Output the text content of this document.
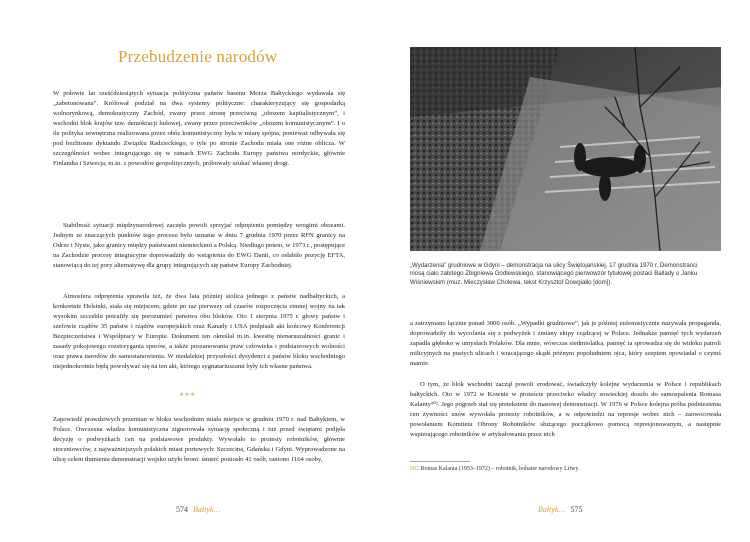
Przebudzenie narodów

W połowie lat sześćdziesiątych sytuacja polityczna państw basenu Morza Bałtyckiego wydawała się „zabetonowana”. Królował podział na dwa systemy polityczne: charakteryzujący się gospodarką wolnorynkową, demokratyczny Zachód, zwany przez stronę przeciwną „obozem kapitalistycznym”, i wschodni blok krajów tzw. demokracji ludowej, zwany przez przeciwników „obozem komunistycznym”. I o ile polityka zewnętrzna realizowana przez obóz komunistyczny była w miarę spójna, ponieważ odbywała się pod bezlitosne dyktando Związku Radzieckiego, o tyle po stronie Zachodu miała one różne oblicza. W szczególności wobec integrującego się w ramach EWG Zachodu Europy państwa nordyckie, głównie Finlandia i Szwecja, m.in. z powodów geopolitycznych, próbowały szukać własnej drogi.

Stabilność sytuacji międzynarodowej zaczęła powoli sprzyjać odprężeniu pomiędzy wrogimi obozami. Jednym ze znaczących punktów tego procesu było uznanie w dniu 7 grudnia 1970 przez RFN granicy na Odrze i Nysie, jako granicy między państwami niemieckimi a Polską. Niedługo potem, w 1973 r., postępujące na Zachodzie procesy integracyjne doprowadziły do wstąpienia do EWG Danii, co osłabiło pozycję EFTA, stanowiącą do tej pory alternatywę dla grupy integrujących się państw Europy Zachodniej.

Atmosfera odprężenia sprawiła też, że dwa lata później stolica jednego z państw nadbałtyckich, a konkretnie Helsinki, stała się miejscem, gdzie po raz pierwszy od czasów rozpoczęcia zimnej wojny na tak wysokim szczeblu potrafiły się porozumieć państwa obu bloków. Oto 1 sierpnia 1975 r. głowy państw i szefowie rządów 35 państw i rządów europejskich oraz Kanady i USA podpisali akt końcowy Konferencji Bezpieczeństwa i Współpracy w Europie. Dokument ten określał m.in. kwestię nienaruszalności granic i zasady pokojowego rozstrzygania sporów, a także poszanowania praw człowieka i podstawowych wolności oraz prawa narodów do samostanowienia. W niedalekiej przyszłości dysydenci z państw bloku wschodniego niejednokrotnie będą powoływać się na ten akt, którego sygnatariuszami były ich własne państwa.

***

Zapowiedź prawdziwych przemian w bloku wschodnim miała miejsce w grudniu 1970 r. nad Bałtykiem, w Polsce. Ówczesna władza komunistyczna zignorowała sytuację społeczną i tuż przed świętami podjęła decyzję o podwyżkach cen na podstawowe produkty. Wywołało to protesty robotników, głównie stoczniowców, z najważniejszych polskich miast portowych: Szczecina, Gdańska i Gdyni. Wyprowadzone na ulicę celem tłumienia demonstracji wojsko użyło broni: śmierć poniosło 41 osób, raniono 1164 osoby,

574 Bałtyk…
„Wydarzenia” grudniowe w Gdyni – demonstracja na ulicy Świętojańskiej, 17 grudnia 1970 r. Demonstranci niosą ciało zabitego Zbigniewa Godlewskiego, stanowiącego pierwowzór tytułowej postaci Ballady o Janku Wiśniewskim (muz. Mieczysław Cholewa, tekst Krzysztof Dowgiałło [dom]).

a zatrzymano łącznie ponad 3000 osób. „Wypadki grudniowe”, jak je później eufemistycznie nazywała propaganda, doprowadziły do wycofania się z podwyżek i zmiany ekipy rządzącej w Polsce. Jednakże pamięć tych wydarzeń zapadła głęboko w umysłach Polaków. Dla mnie, wówczas siedmiolatka, pamięć ta sprowadza się do widoku patroli milicyjnych na pustych ulicach i wracającego skądś późnym popołudniem ojca, który szeptem opowiadał o czymś mamie.

O tym, że blok wschodni zaczął powoli erodować, świadczyły kolejne wydarzenia w Polsce i republikach bałtyckich. Oto w 1972 w Kownie w proteście przeciwko władzy sowieckiej doszło do samospalenia Romasa Kalanty⁹⁰². Jego pogrzeb stał się pretekstem do masowej demonstracji. W 1976 w Polsce kolejna próba podniesienia cen żywności znów wywołała protesty robotników, a w odpowiedzi na represje wobec nich – zaowocowała powołaniem Komitetu Obrony Robotników służącego początkowo pomocą represjonowanym, a następnie wspierającego robotników w artykułowaniu przez nich

902 Romas Kalanta (1953–1972) – robotnik, bohater narodowy Litwy.
Bałtyk… 575
